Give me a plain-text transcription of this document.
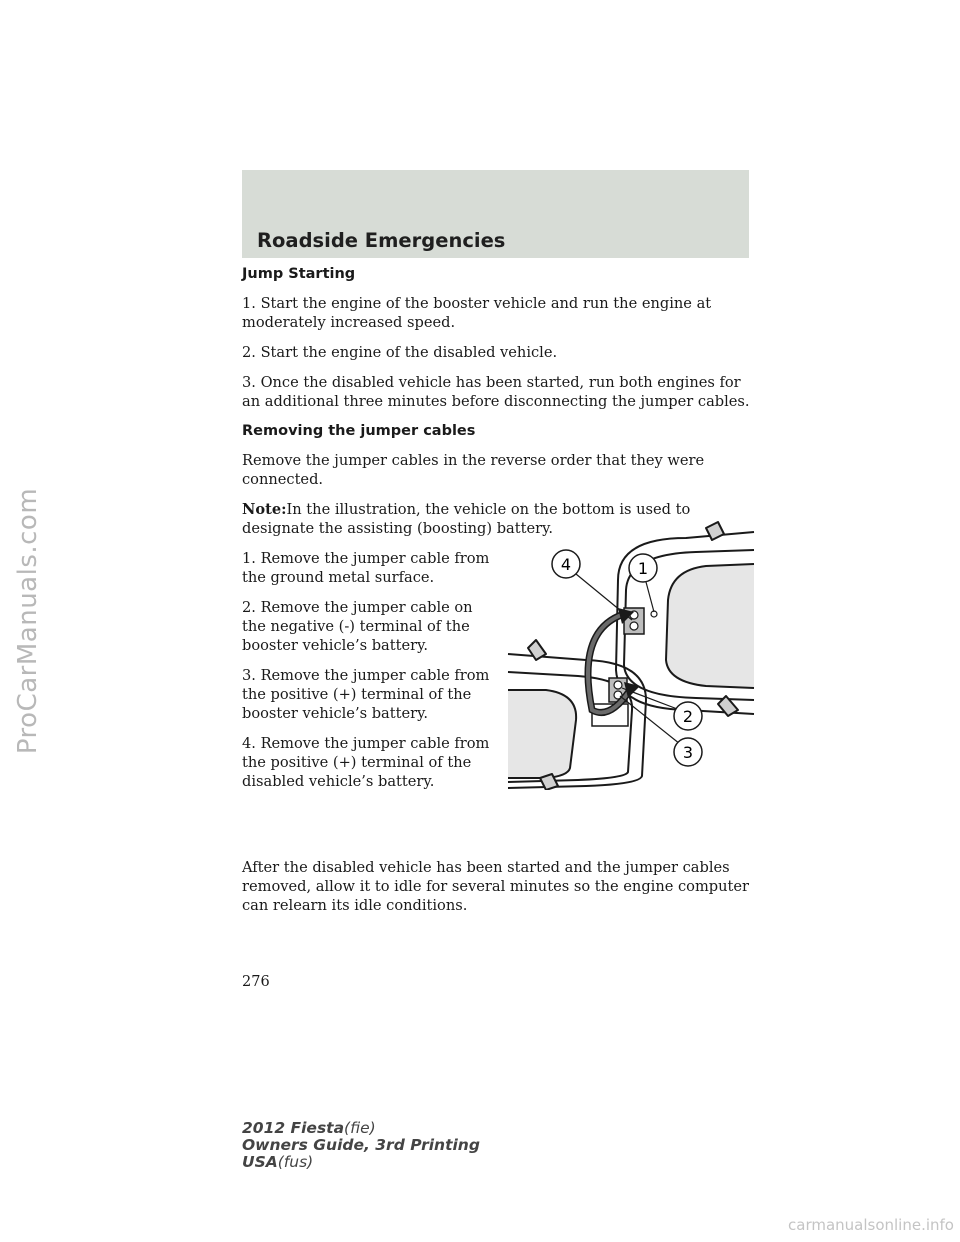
ProCarManuals.com
Roadside Emergencies
Jump Starting

1. Start the engine of the booster vehicle and run the engine at moderately increased speed.

2. Start the engine of the disabled vehicle.

3. Once the disabled vehicle has been started, run both engines for an additional three minutes before disconnecting the jumper cables.

Removing the jumper cables

Remove the jumper cables in the reverse order that they were connected.

Note:In the illustration, the vehicle on the bottom is used to designate the assisting (boosting) battery.

1. Remove the jumper cable from the ground metal surface.

2. Remove the jumper cable on the negative (-) terminal of the booster vehicle’s battery.

3. Remove the jumper cable from the positive (+) terminal of the booster vehicle’s battery.

4. Remove the jumper cable from the positive (+) terminal of the disabled vehicle’s battery.

4	1
2
3

After the disabled vehicle has been started and the jumper cables removed, allow it to idle for several minutes so the engine computer can relearn its idle conditions.

276
2012 Fiesta(fie)
Owners Guide, 3rd Printing
USA(fus)
carmanualsonline.info
